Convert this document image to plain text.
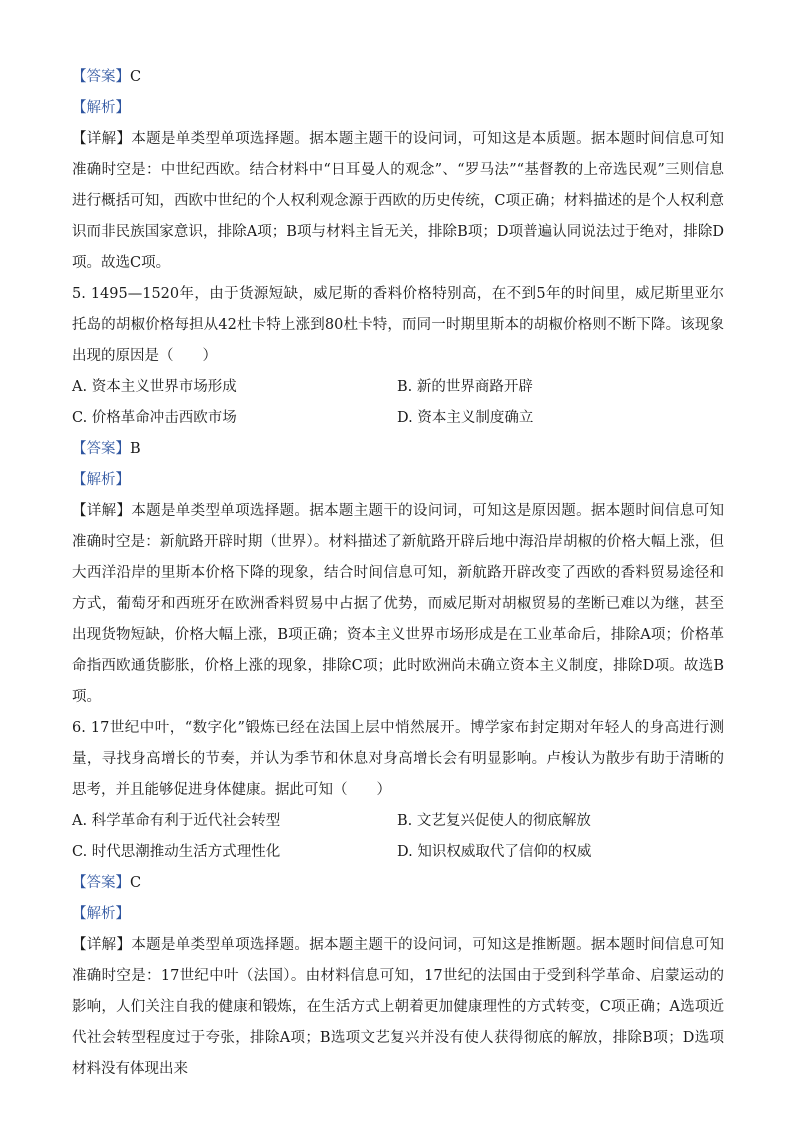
【答案】C
【解析】
【详解】本题是单类型单项选择题。据本题主题干的设问词，可知这是本质题。据本题时间信息可知准确时空是：中世纪西欧。结合材料中“日耳曼人的观念”、“罗马法”“基督教的上帝选民观”三则信息进行概括可知，西欧中世纪的个人权利观念源于西欧的历史传统，C项正确；材料描述的是个人权利意识而非民族国家意识，排除A项；B项与材料主旨无关，排除B项；D项普遍认同说法过于绝对，排除D项。故选C项。
5. 1495—1520年，由于货源短缺，威尼斯的香料价格特别高，在不到5年的时间里，威尼斯里亚尔托岛的胡椒价格每担从42杜卡特上涨到80杜卡特，而同一时期里斯本的胡椒价格则不断下降。该现象出现的原因是（　　）
A. 资本主义世界市场形成	B. 新的世界商路开辟
C. 价格革命冲击西欧市场	D. 资本主义制度确立
【答案】B
【解析】
【详解】本题是单类型单项选择题。据本题主题干的设问词，可知这是原因题。据本题时间信息可知准确时空是：新航路开辟时期（世界）。材料描述了新航路开辟后地中海沿岸胡椒的价格大幅上涨，但大西洋沿岸的里斯本价格下降的现象，结合时间信息可知，新航路开辟改变了西欧的香料贸易途径和方式，葡萄牙和西班牙在欧洲香料贸易中占据了优势，而威尼斯对胡椒贸易的垄断已难以为继，甚至出现货物短缺，价格大幅上涨，B项正确；资本主义世界市场形成是在工业革命后，排除A项；价格革命指西欧通货膨胀，价格上涨的现象，排除C项；此时欧洲尚未确立资本主义制度，排除D项。故选B项。
6. 17世纪中叶，“数字化”锻炼已经在法国上层中悄然展开。博学家布封定期对年轻人的身高进行测量，寻找身高增长的节奏，并认为季节和休息对身高增长会有明显影响。卢梭认为散步有助于清晰的思考，并且能够促进身体健康。据此可知（　　）
A. 科学革命有利于近代社会转型	B. 文艺复兴促使人的彻底解放
C. 时代思潮推动生活方式理性化	D. 知识权威取代了信仰的权威
【答案】C
【解析】
【详解】本题是单类型单项选择题。据本题主题干的设问词，可知这是推断题。据本题时间信息可知准确时空是：17世纪中叶（法国）。由材料信息可知，17世纪的法国由于受到科学革命、启蒙运动的影响，人们关注自我的健康和锻炼，在生活方式上朝着更加健康理性的方式转变，C项正确；A选项近代社会转型程度过于夸张，排除A项；B选项文艺复兴并没有使人获得彻底的解放，排除B项；D选项材料没有体现出来
